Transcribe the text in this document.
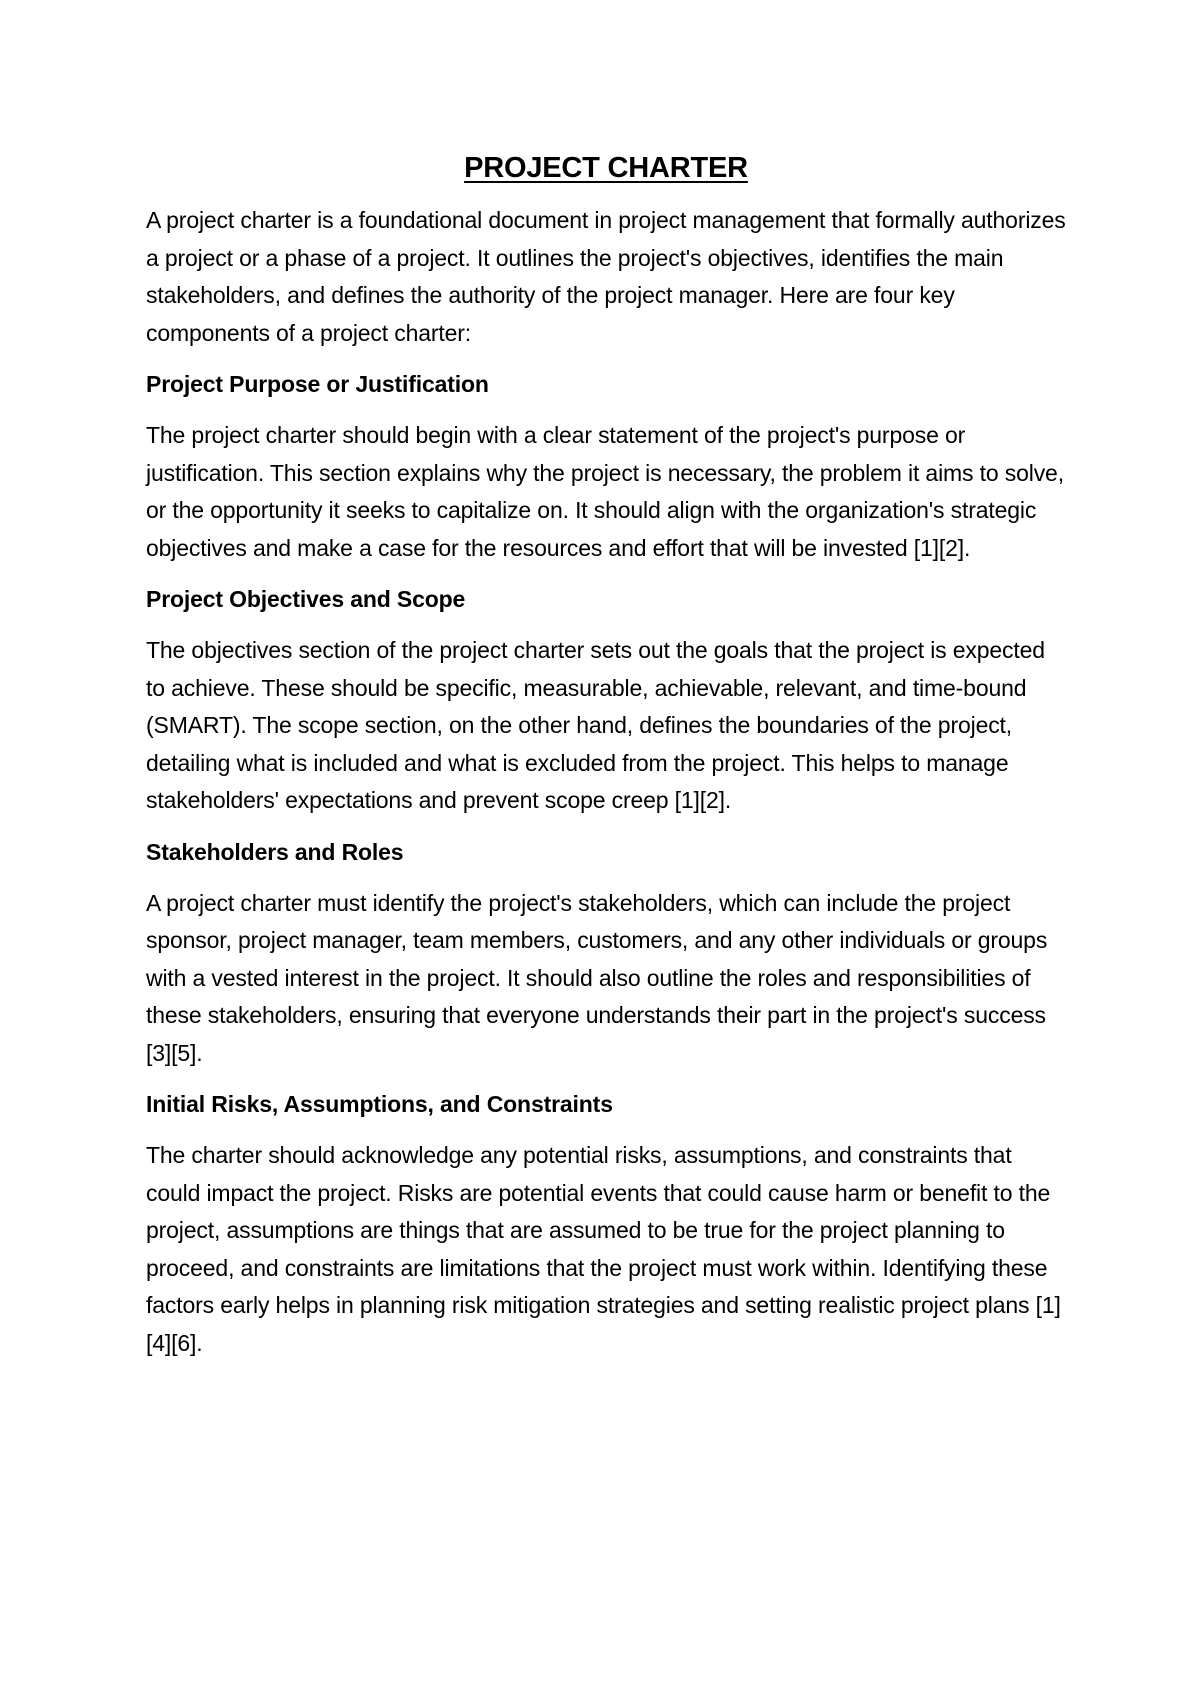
PROJECT CHARTER

A project charter is a foundational document in project management that formally authorizes a project or a phase of a project. It outlines the project's objectives, identifies the main stakeholders, and defines the authority of the project manager. Here are four key components of a project charter:

Project Purpose or Justification

The project charter should begin with a clear statement of the project's purpose or justification. This section explains why the project is necessary, the problem it aims to solve, or the opportunity it seeks to capitalize on. It should align with the organization's strategic objectives and make a case for the resources and effort that will be invested [1][2].

Project Objectives and Scope

The objectives section of the project charter sets out the goals that the project is expected to achieve. These should be specific, measurable, achievable, relevant, and time-bound (SMART). The scope section, on the other hand, defines the boundaries of the project, detailing what is included and what is excluded from the project. This helps to manage stakeholders' expectations and prevent scope creep [1][2].

Stakeholders and Roles

A project charter must identify the project's stakeholders, which can include the project sponsor, project manager, team members, customers, and any other individuals or groups with a vested interest in the project. It should also outline the roles and responsibilities of these stakeholders, ensuring that everyone understands their part in the project's success [3][5].

Initial Risks, Assumptions, and Constraints

The charter should acknowledge any potential risks, assumptions, and constraints that could impact the project. Risks are potential events that could cause harm or benefit to the project, assumptions are things that are assumed to be true for the project planning to proceed, and constraints are limitations that the project must work within. Identifying these factors early helps in planning risk mitigation strategies and setting realistic project plans [1][4][6].
